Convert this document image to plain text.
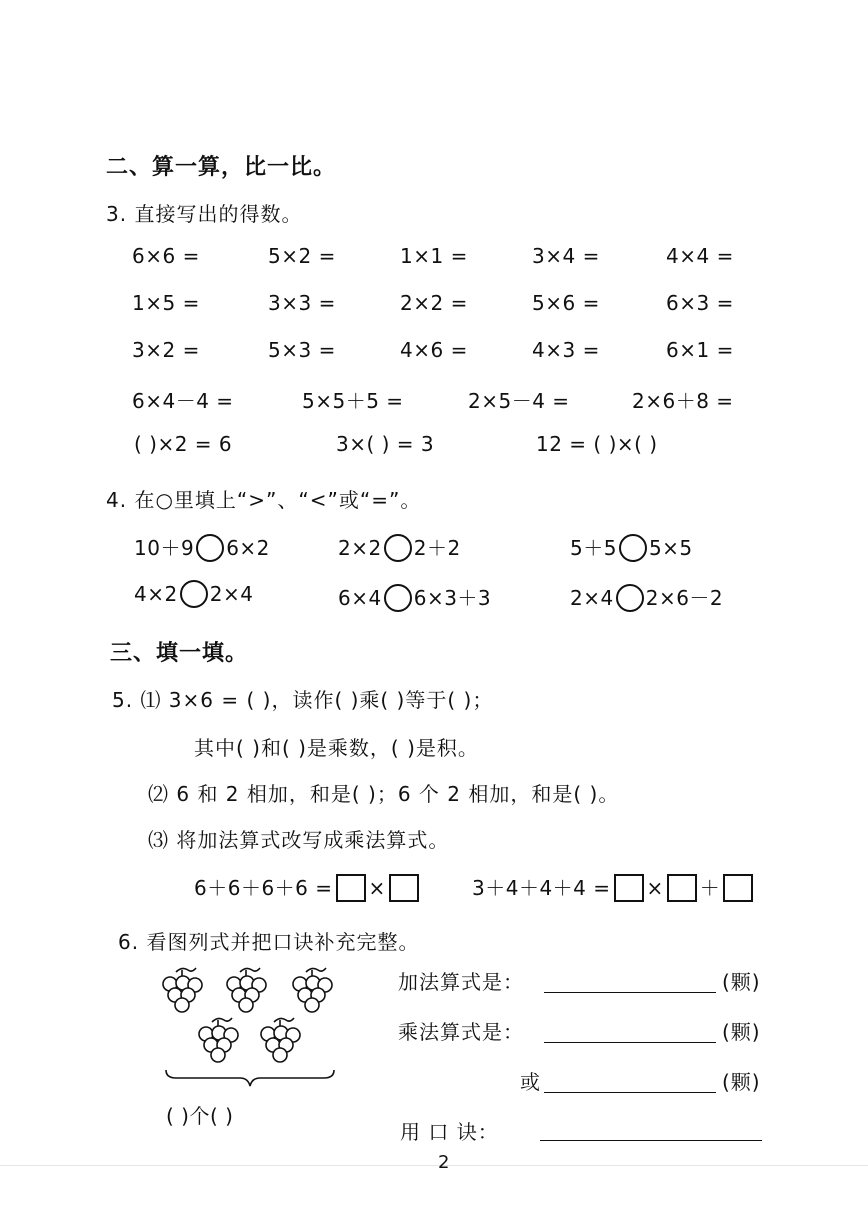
二、算一算，比一比。
3. 直接写出的得数。
6×6 =	5×2 =	1×1 =	3×4 =	4×4 =
1×5 =	3×3 =	2×2 =	5×6 =	6×3 =
3×2 =	5×3 =	4×6 =	4×3 =	6×1 =
6×4－4 =	5×5＋5 =	2×5－4 =	2×6＋8 =
( )×2 = 6	3×( ) = 3	12 = ( )×( )
4. 在○里填上“>”、“<”或“=”。
10＋9 6×2	2×2 2＋2	5＋5 5×5
4×2 2×4	6×4 6×3＋3	2×4 2×6－2
三、填一填。
5. ⑴ 3×6 = ( )，读作( )乘( )等于( )；
其中( )和( )是乘数，( )是积。
⑵ 6 和 2 相加，和是( )；6 个 2 相加，和是( )。
⑶ 将加法算式改写成乘法算式。
6＋6＋6＋6 = ×	3＋4＋4＋4 = × ＋
6. 看图列式并把口诀补充完整。
( )个( )
加法算式是：	(颗)
乘法算式是：	(颗)
或	(颗)
用 口 诀：
2
